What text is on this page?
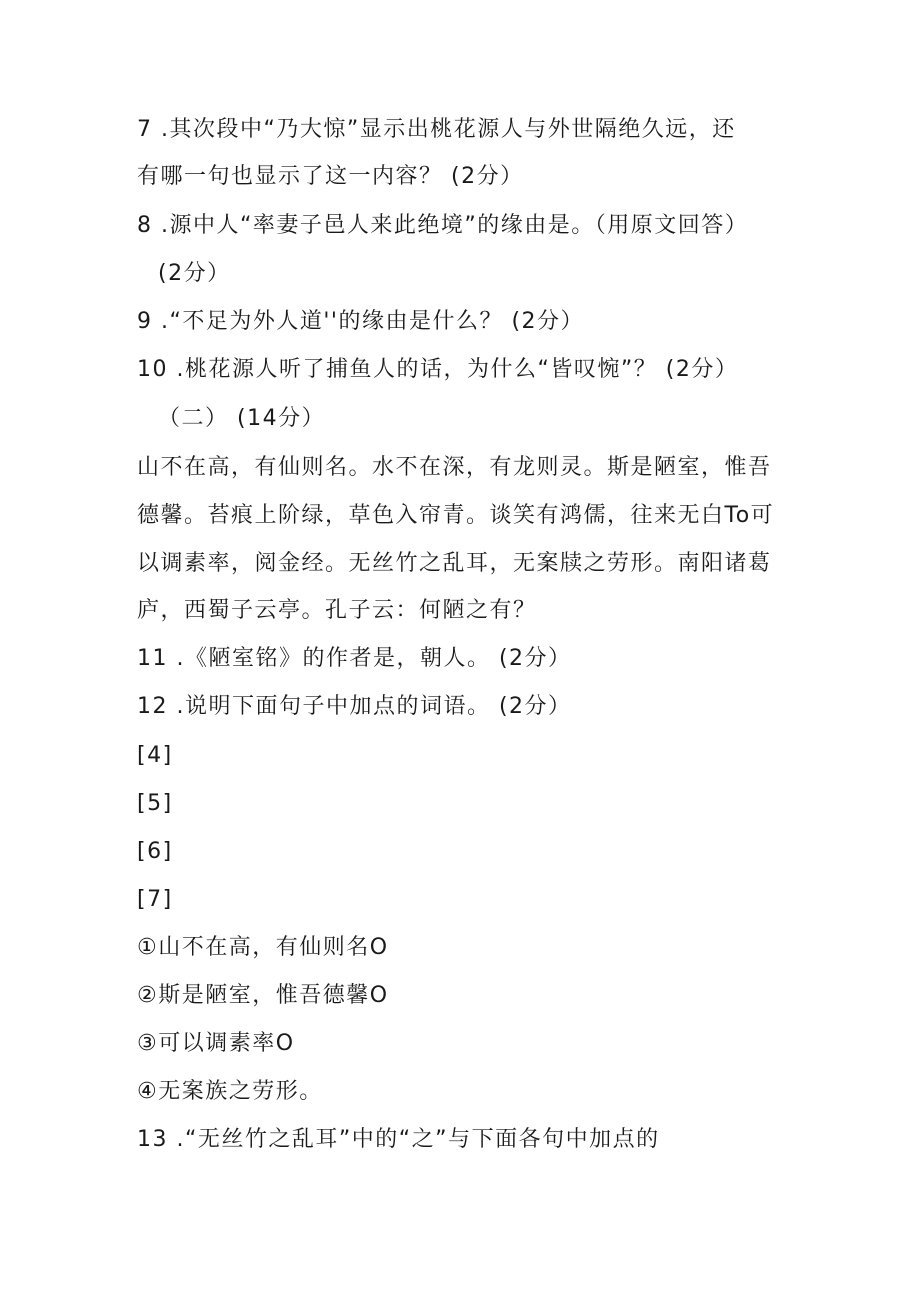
7 .其次段中“乃大惊”显示出桃花源人与外世隔绝久远，还
有哪一句也显示了这一内容？ (2分）
8 .源中人“率妻子邑人来此绝境”的缘由是。（用原文回答）
(2分）
9 .“不足为外人道''的缘由是什么？ (2分）
10 .桃花源人听了捕鱼人的话，为什么“皆叹惋”？ (2分）
（二） (14分）
山不在高，有仙则名。水不在深，有龙则灵。斯是陋室，惟吾
德馨。苔痕上阶绿，草色入帘青。谈笑有鸿儒，往来无白To可
以调素率，阅金经。无丝竹之乱耳，无案牍之劳形。南阳诸葛
庐，西蜀子云亭。孔子云：何陋之有？
11 .《陋室铭》的作者是，朝人。 (2分）
12 .说明下面句子中加点的词语。 (2分）
[4]
[5]
[6]
[7]
①山不在高，有仙则名O
②斯是陋室，惟吾德馨O
③可以调素率O
④无案族之劳形。
13 .“无丝竹之乱耳”中的“之”与下面各句中加点的
